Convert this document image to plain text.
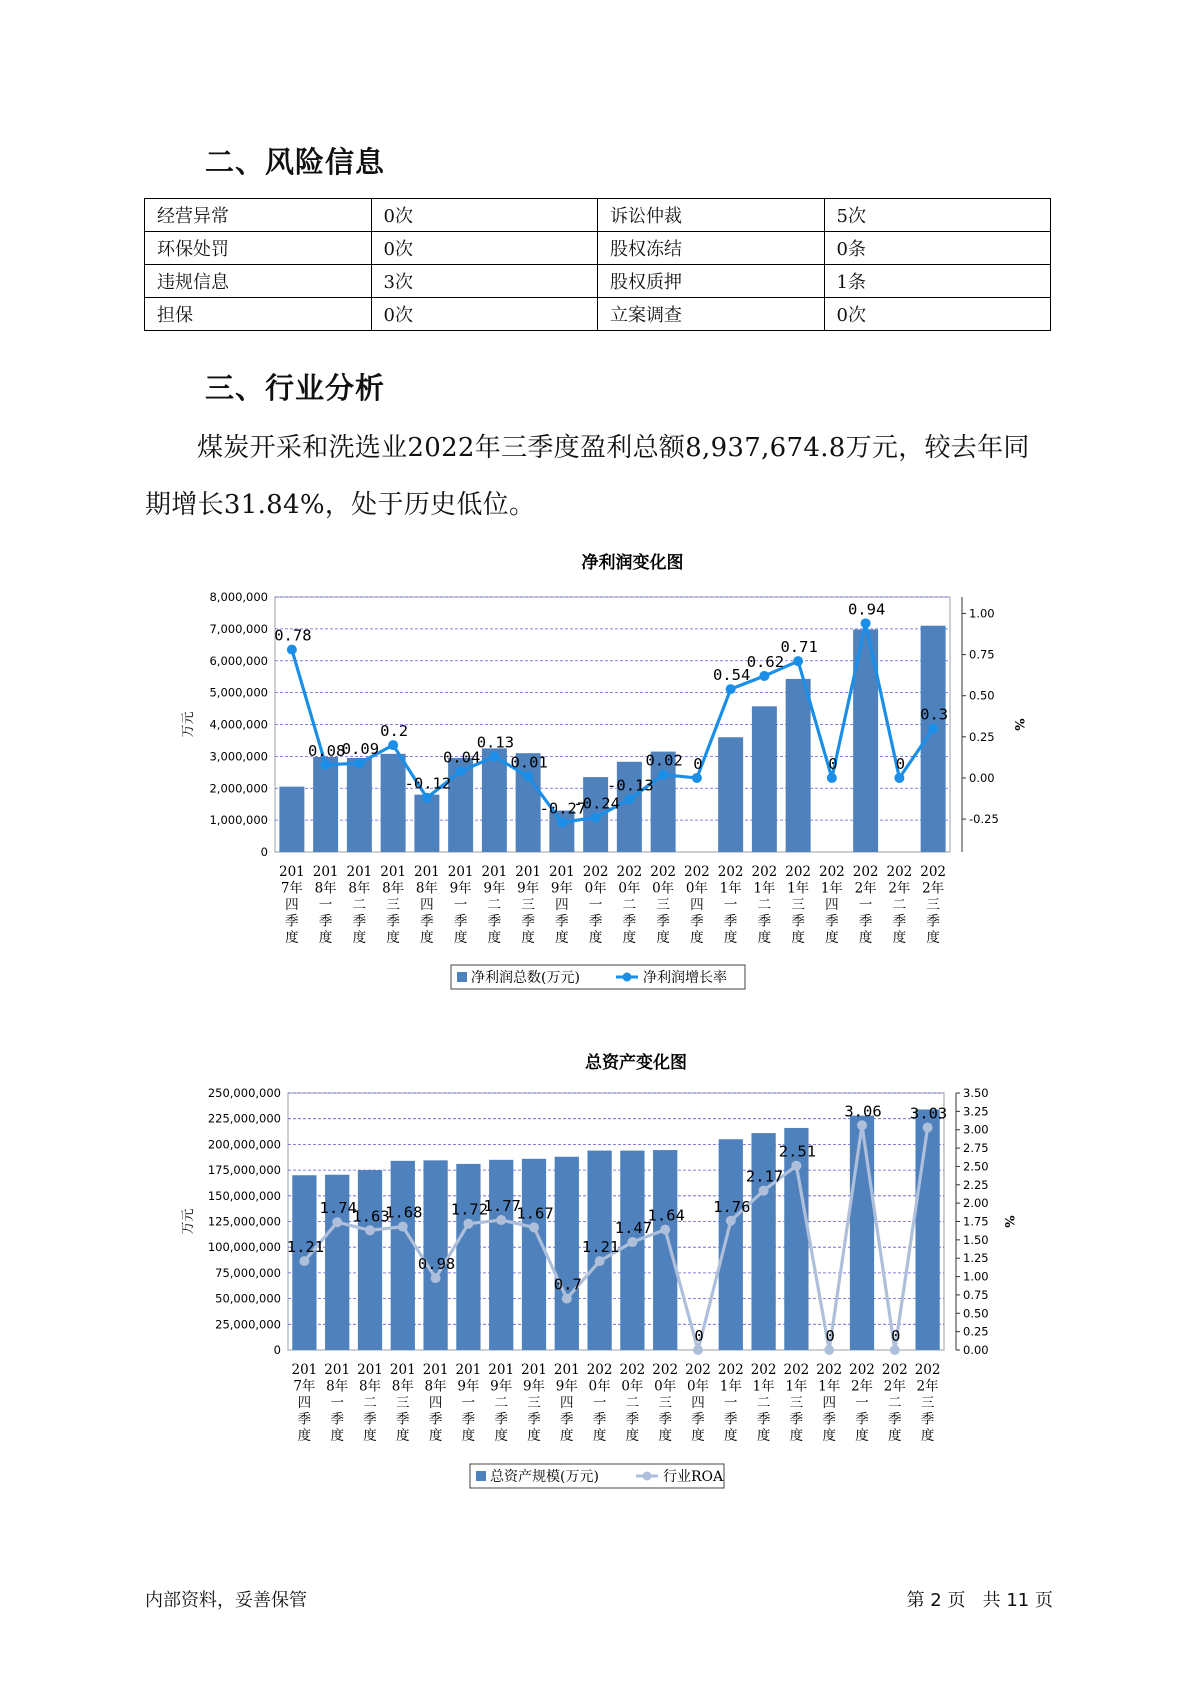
二、风险信息
经营异常	0次	诉讼仲裁	5次
环保处罚	0次	股权冻结	0条
违规信息	3次	股权质押	1条
担保	0次	立案调查	0次
三、行业分析

煤炭开采和洗选业2022年三季度盈利总额8,937,674.8万元，较去年同

期增长31.84%，处于历史低位。

净利润变化图
0
1,000,000
2,000,000
3,000,000
4,000,000
5,000,000
6,000,000
7,000,000
8,000,000
-0.25
0.00
0.25
0.50
0.75
1.00
万元	%
201
7年
四
季
度
201
8年
一
季
度
201
8年
二
季
度
201
8年
三
季
度
201
8年
四
季
度
201
9年
一
季
度
201
9年
二
季
度
201
9年
三
季
度
201
9年
四
季
度
202
0年
一
季
度
202
0年
二
季
度
202
0年
三
季
度
202
0年
四
季
度
202
1年
一
季
度
202
1年
二
季
度
202
1年
三
季
度
202
1年
四
季
度
202
2年
一
季
度
202
2年
二
季
度
202
2年
三
季
度
0.78
0.08
0.09
0.2
-0.12
0.04
0.13
0.01
-0.27
-0.24
-0.13
0.02 0
0.54
0.62
0.71
0
0.94
0
0.3
净利润总数(万元)	净利润增长率
总资产变化图
0
25,000,000
50,000,000
75,000,000
100,000,000
125,000,000
150,000,000
175,000,000
200,000,000
225,000,000
250,000,000
0.00
0.25
0.50
0.75
1.00
1.25
1.50
1.75
2.00
2.25
2.50
2.75
3.00
3.25
3.50
万元	%
201
7年
四
季
度
201
8年
一
季
度
201
8年
二
季
度
201
8年
三
季
度
201
8年
四
季
度
201
9年
一
季
度
201
9年
二
季
度
201
9年
三
季
度
201
9年
四
季
度
202
0年
一
季
度
202
0年
二
季
度
202
0年
三
季
度
202
0年
四
季
度
202
1年
一
季
度
202
1年
二
季
度
202
1年
三
季
度
202
1年
四
季
度
202
2年
一
季
度
202
2年
二
季
度
202
2年
三
季
度
1.21
1.74
1.63
1.68
0.98
1.72
1.77
1.67
0.7
1.21
1.47
1.64
0
1.76
2.17
2.51
0
3.06
0
3.03
总资产规模(万元)	行业ROA
内部资料，妥善保管	第 2 页   共 11 页
